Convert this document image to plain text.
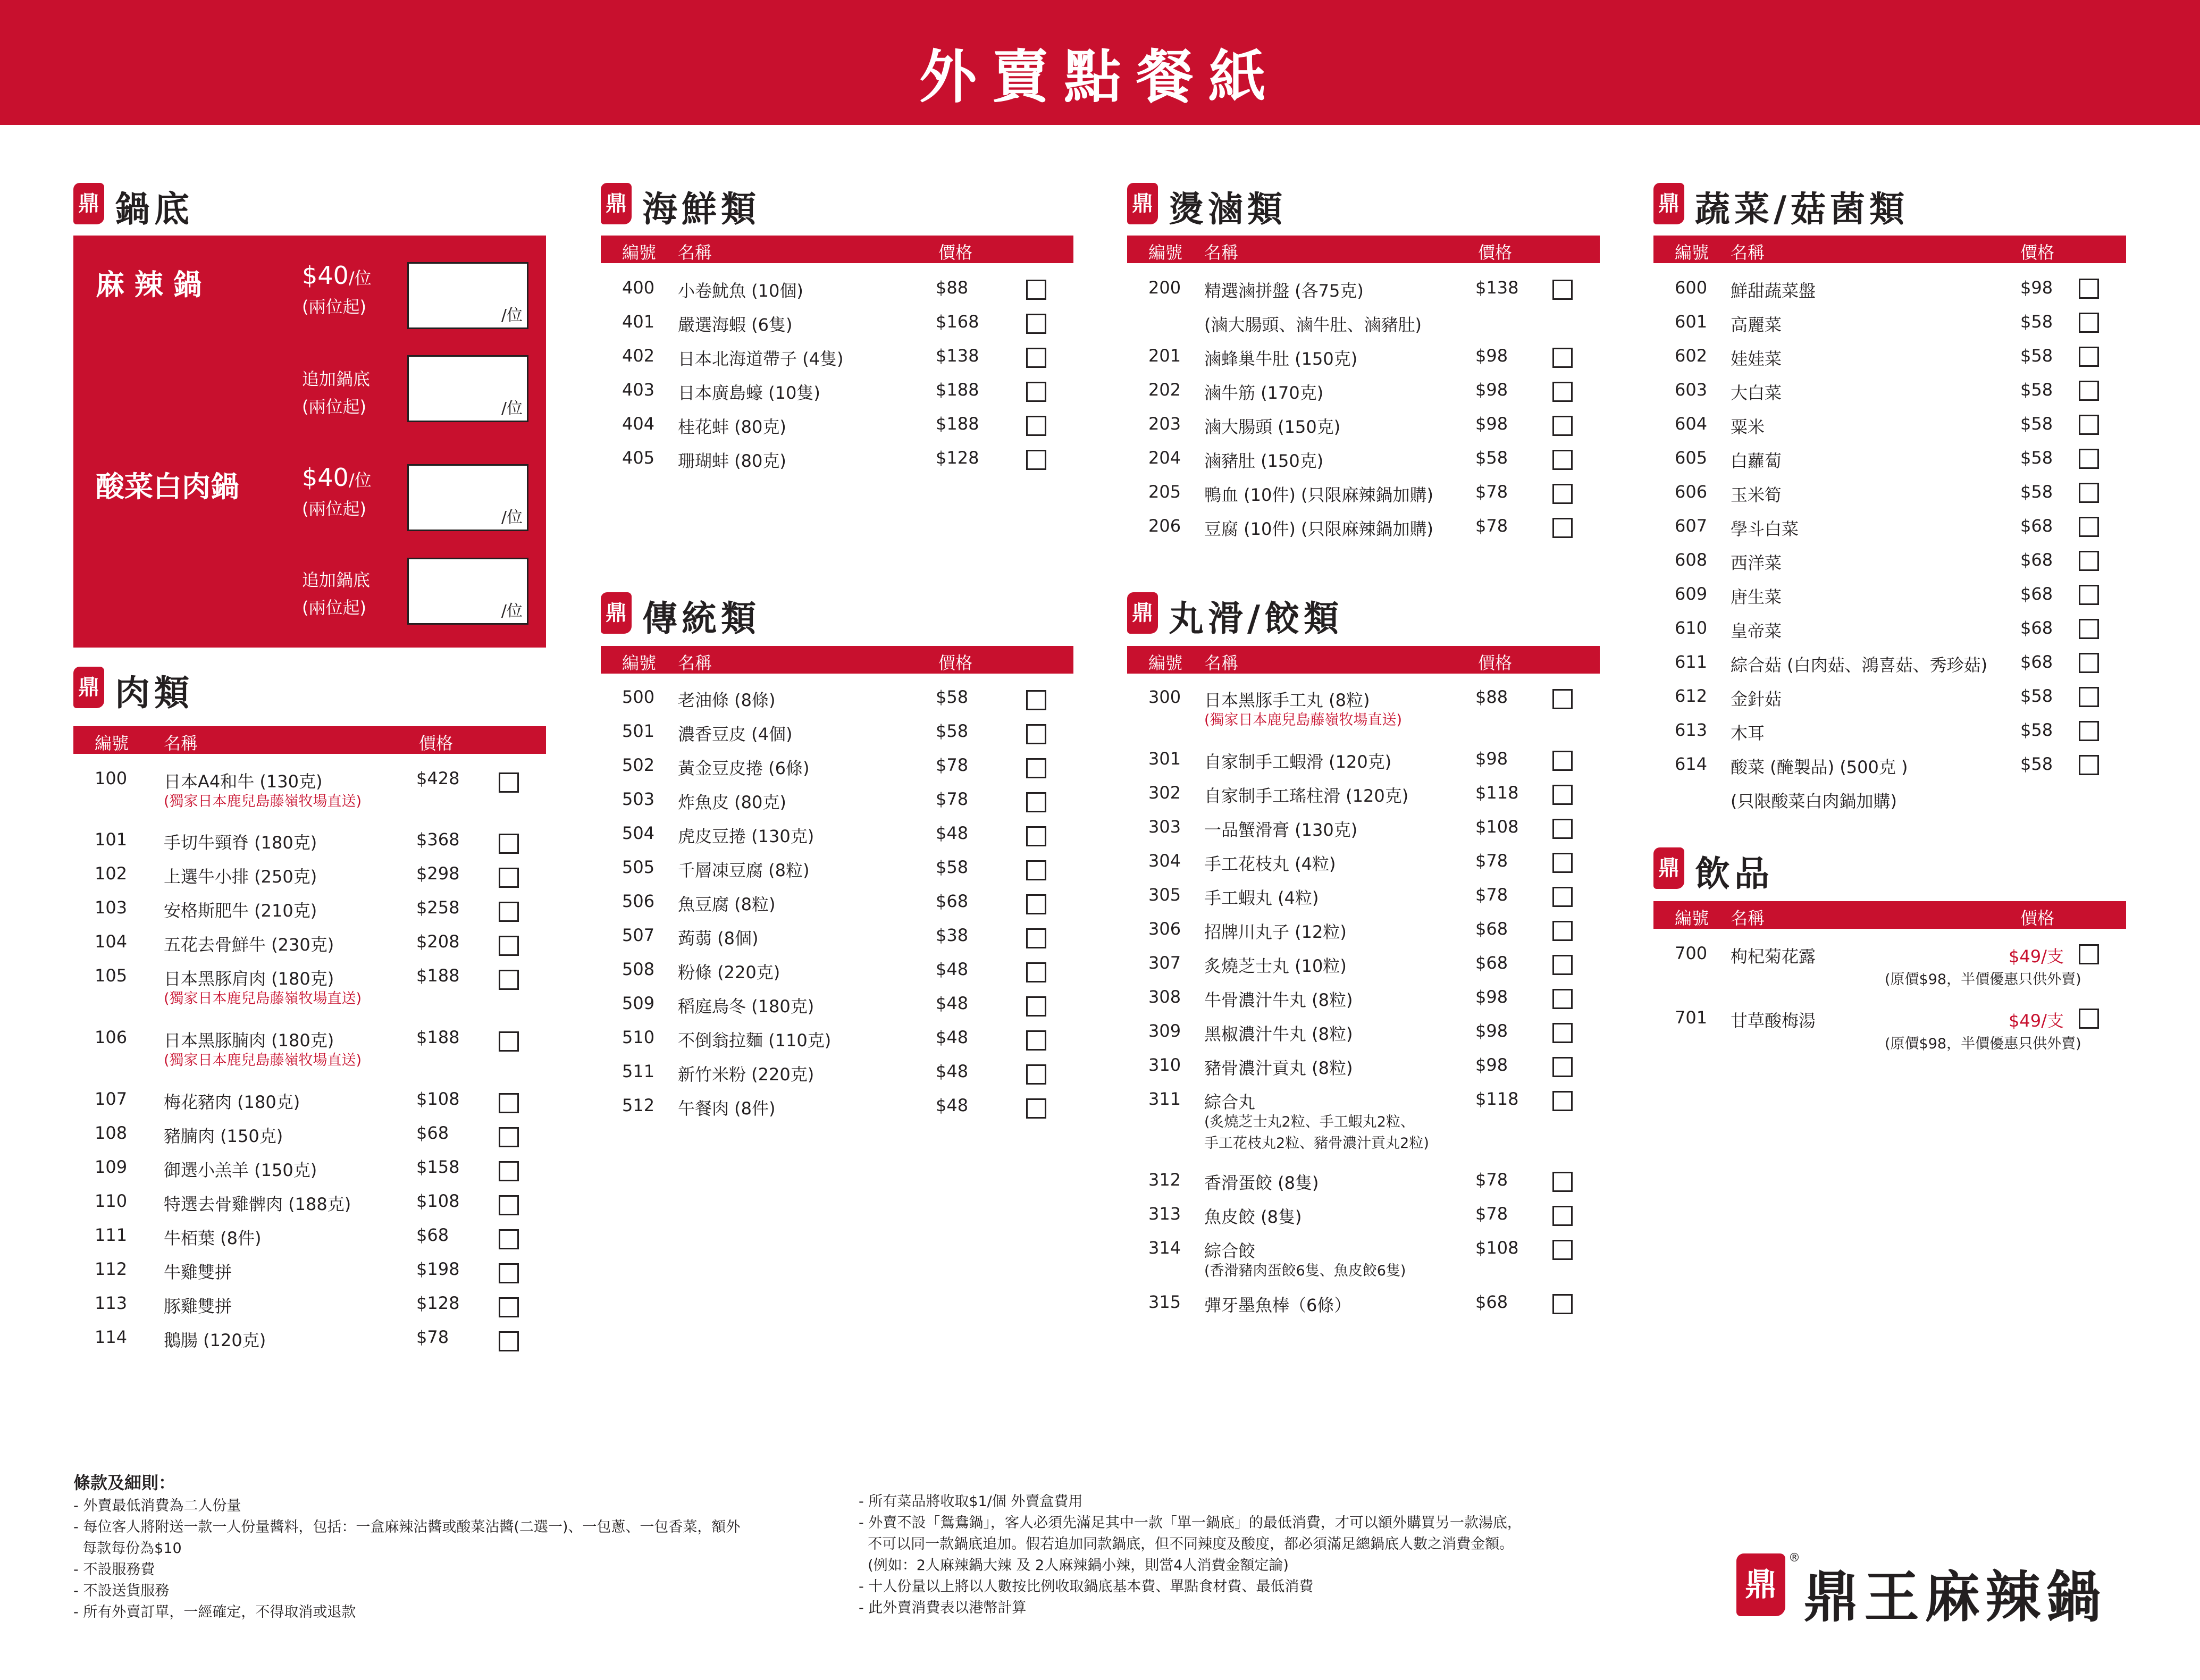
外賣點餐紙
鼎 鍋底
麻 辣 鍋	$40/位
(兩位起)	/位
追加鍋底
(兩位起)	/位
酸菜白肉鍋	$40/位
(兩位起)	/位
追加鍋底
(兩位起)	/位
鼎 肉類
編號 名稱	價格
100 日本A4和牛 (130克)	$428
(獨家日本鹿兒島藤嶺牧場直送)
101 手切牛頸脊 (180克)	$368
102 上選牛小排 (250克)	$298
103 安格斯肥牛 (210克)	$258
104 五花去骨鮮牛 (230克)	$208
105 日本黑豚肩肉 (180克)	$188
(獨家日本鹿兒島藤嶺牧場直送)
106 日本黑豚腩肉 (180克)	$188
(獨家日本鹿兒島藤嶺牧場直送)
107 梅花豬肉 (180克)	$108
108 豬腩肉 (150克)	$68
109 御選小羔羊 (150克)	$158
110 特選去骨雞髀肉 (188克)	$108
111 牛栢葉 (8件)	$68
112 牛雞雙拼	$198
113 豚雞雙拼	$128
114 鵝腸 (120克)	$78
鼎 海鮮類
編號 名稱	價格
400 小卷魷魚 (10個)	$88
401 嚴選海蝦 (6隻)	$168
402 日本北海道帶子 (4隻)	$138
403 日本廣島蠔 (10隻)	$188
404 桂花蚌 (80克)	$188
405 珊瑚蚌 (80克)	$128
鼎 傳統類
編號 名稱	價格
500 老油條 (8條)	$58
501 濃香豆皮 (4個)	$58
502 黃金豆皮捲 (6條)	$78
503 炸魚皮 (80克)	$78
504 虎皮豆捲 (130克)	$48
505 千層凍豆腐 (8粒)	$58
506 魚豆腐 (8粒)	$68
507 蒟蒻 (8個)	$38
508 粉條 (220克)	$48
509 稻庭烏冬 (180克)	$48
510 不倒翁拉麵 (110克)	$48
511 新竹米粉 (220克)	$48
512 午餐肉 (8件)	$48
鼎 燙滷類
編號 名稱	價格
200 精選滷拼盤 (各75克)	$138
(滷大腸頭、滷牛肚、滷豬肚)
201 滷蜂巢牛肚 (150克)	$98
202 滷牛筋 (170克)	$98
203 滷大腸頭 (150克)	$98
204 滷豬肚 (150克)	$58
205 鴨血 (10件) (只限麻辣鍋加購) $78
206 豆腐 (10件) (只限麻辣鍋加購) $78
鼎 丸滑/餃類
編號 名稱	價格
300 日本黑豚手工丸 (8粒)	$88
(獨家日本鹿兒島藤嶺牧場直送)
301 自家制手工蝦滑 (120克)	$98
302 自家制手工瑤柱滑 (120克)	$118
303 一品蟹滑膏 (130克)	$108
304 手工花枝丸 (4粒)	$78
305 手工蝦丸 (4粒)	$78
306 招牌川丸子 (12粒)	$68
307 炙燒芝士丸 (10粒)	$68
308 牛骨濃汁牛丸 (8粒)	$98
309 黑椒濃汁牛丸 (8粒)	$98
310 豬骨濃汁貢丸 (8粒)	$98
311 綜合丸	$118
(炙燒芝士丸2粒、手工蝦丸2粒、
手工花枝丸2粒、豬骨濃汁貢丸2粒)
312 香滑蛋餃 (8隻)	$78
313 魚皮餃 (8隻)	$78
314 綜合餃	$108
(香滑豬肉蛋餃6隻、魚皮餃6隻)
315 彈牙墨魚棒（6條）	$68
鼎 蔬菜/菇菌類
編號 名稱	價格
600 鮮甜蔬菜盤	$98
601 高麗菜	$58
602 娃娃菜	$58
603 大白菜	$58
604 粟米	$58
605 白蘿蔔	$58
606 玉米筍	$58
607 學斗白菜	$68
608 西洋菜	$68
609 唐生菜	$68
610 皇帝菜	$68
611 綜合菇 (白肉菇、鴻喜菇、秀珍菇) $68
612 金針菇	$58
613 木耳	$58
614 酸菜 (醃製品) (500克 )	$58
(只限酸菜白肉鍋加購)
鼎 飲品
編號 名稱	價格
700 枸杞菊花露	$49/支
(原價$98，半價優惠只供外賣)
701 甘草酸梅湯	$49/支
(原價$98，半價優惠只供外賣)
條款及細則：
- 外賣最低消費為二人份量
- 每位客人將附送一款一人份量醬料，包括：一盒麻辣沾醬或酸菜沾醬(二選一)、一包蔥、一包香菜，額外
每款每份為$10
- 不設服務費
- 不設送貨服務
- 所有外賣訂單，一經確定，不得取消或退款
- 所有菜品將收取$1/個 外賣盒費用
- 外賣不設「鴛鴦鍋」，客人必須先滿足其中一款「單一鍋底」的最低消費，才可以額外購買另一款湯底，
不可以同一款鍋底追加。假若追加同款鍋底，但不同辣度及酸度，都必須滿足總鍋底人數之消費金額。
(例如：2人麻辣鍋大辣 及 2人麻辣鍋小辣，則當4人消費金額定論)
- 十人份量以上將以人數按比例收取鍋底基本費、單點食材費、最低消費
- 此外賣消費表以港幣計算
鼎
®
鼎王麻辣鍋
